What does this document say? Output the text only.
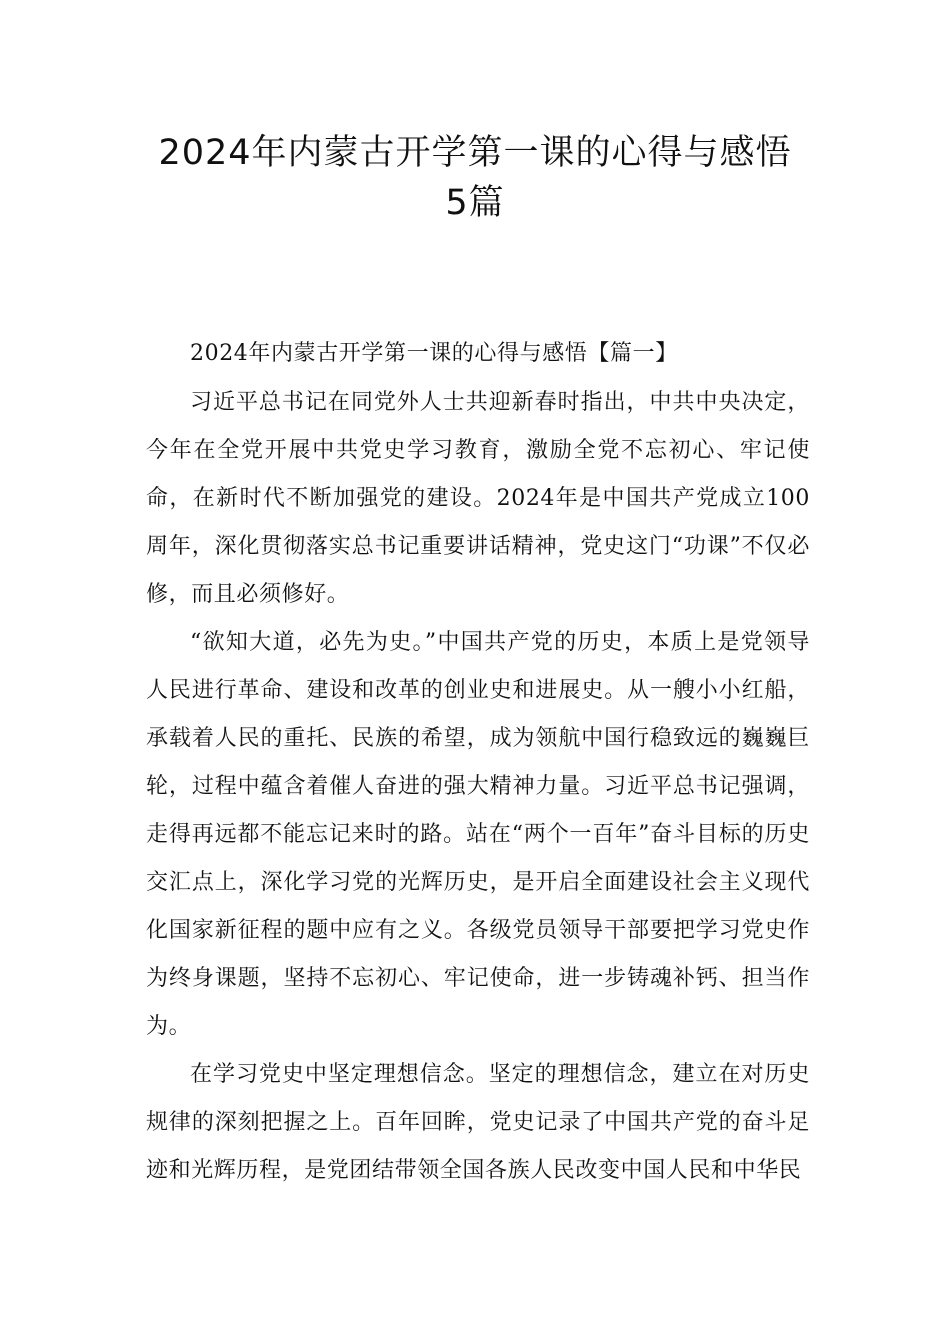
2024年内蒙古开学第一课的心得与感悟
5篇

2024年内蒙古开学第一课的心得与感悟【篇一】

习近平总书记在同党外人士共迎新春时指出，中共中央决定，今年在全党开展中共党史学习教育，激励全党不忘初心、牢记使命，在新时代不断加强党的建设。2024年是中国共产党成立100周年，深化贯彻落实总书记重要讲话精神，党史这门“功课”不仅必修，而且必须修好。

“欲知大道，必先为史。”中国共产党的历史，本质上是党领导人民进行革命、建设和改革的创业史和进展史。从一艘小小红船，承载着人民的重托、民族的希望，成为领航中国行稳致远的巍巍巨轮，过程中蕴含着催人奋进的强大精神力量。习近平总书记强调，走得再远都不能忘记来时的路。站在“两个一百年”奋斗目标的历史交汇点上，深化学习党的光辉历史，是开启全面建设社会主义现代化国家新征程的题中应有之义。各级党员领导干部要把学习党史作为终身课题，坚持不忘初心、牢记使命，进一步铸魂补钙、担当作为。

在学习党史中坚定理想信念。坚定的理想信念，建立在对历史规律的深刻把握之上。百年回眸，党史记录了中国共产党的奋斗足迹和光辉历程，是党团结带领全国各族人民改变中国人民和中华民
